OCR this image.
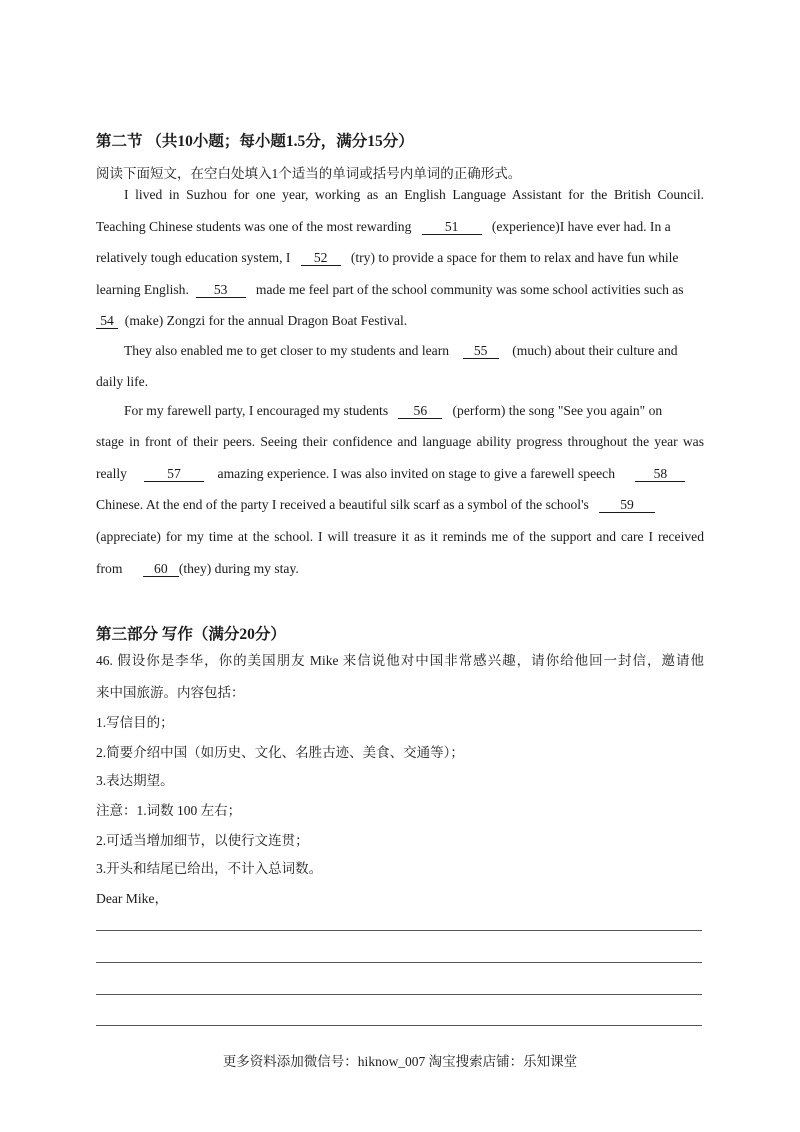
第二节 （共10小题；每小题1.5分，满分15分）
阅读下面短文，在空白处填入1个适当的单词或括号内单词的正确形式。
I lived in Suzhou for one year, working as an English Language Assistant for the British Council.
Teaching Chinese students was one of the most rewarding 51 (experience)I have ever had. In a
relatively tough education system, I 52 (try) to provide a space for them to relax and have fun while
learning English. 53 made me feel part of the school community was some school activities such as
54 (make) Zongzi for the annual Dragon Boat Festival.
They also enabled me to get closer to my students and learn 55 (much) about their culture and
daily life.
For my farewell party, I encouraged my students 56 (perform) the song "See you again" on
stage in front of their peers. Seeing their confidence and language ability progress throughout the year was
really	57	amazing experience. I was also invited on stage to give a farewell speech	58
Chinese. At the end of the party I received a beautiful silk scarf as a symbol of the school's 59
(appreciate) for my time at the school. I will treasure it as it reminds me of the support and care I received
from 60 (they) during my stay.
第三部分 写作（满分20分）
46. 假设你是李华，你的美国朋友 Mike 来信说他对中国非常感兴趣，请你给他回一封信，邀请他
来中国旅游。内容包括：
1.写信目的；
2.简要介绍中国（如历史、文化、名胜古迹、美食、交通等）；
3.表达期望。
注意：1.词数 100 左右；
2.可适当增加细节，以使行文连贯；
3.开头和结尾已给出，不计入总词数。
Dear Mike，
更多资料添加微信号：hiknow_007 淘宝搜索店铺：乐知课堂
